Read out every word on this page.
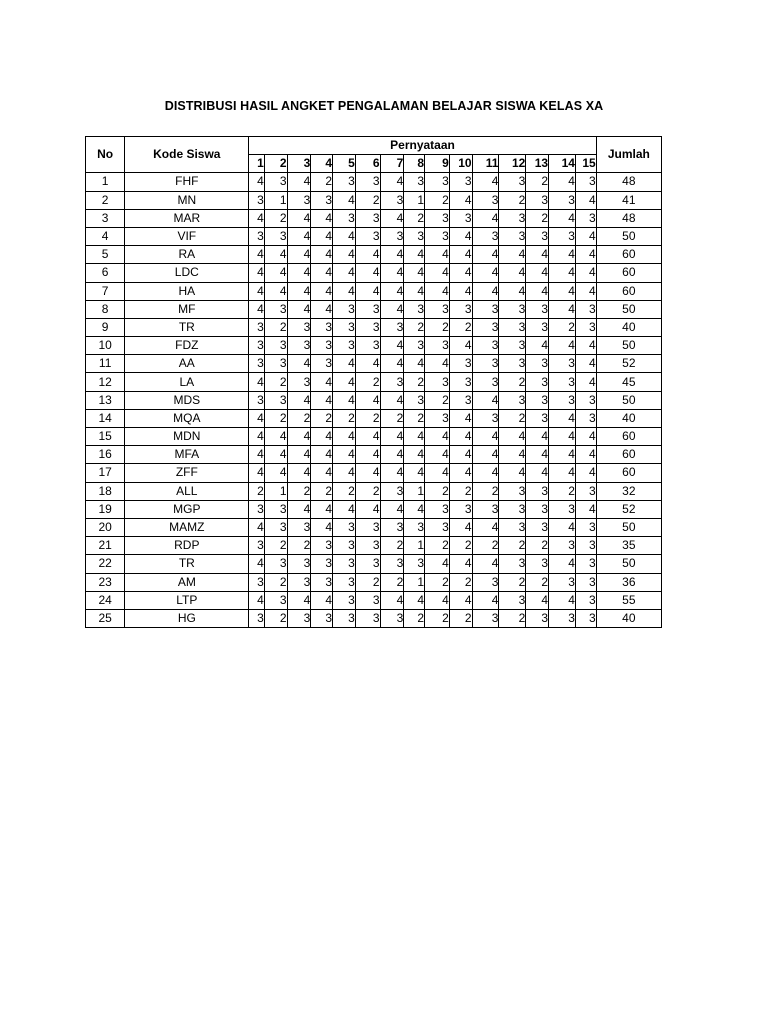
DISTRIBUSI HASIL ANGKET PENGALAMAN BELAJAR SISWA KELAS XA
No	Kode Siswa	Pernyataan															Jumlah
		1	2	3	4	5	6	7	8	9	10	11	12	13	14	15	
1	FHF	4	3	4	2	3	3	4	3	3	3	4	3	2	4	3	48
2	MN	3	1	3	3	4	2	3	1	2	4	3	2	3	3	4	41
3	MAR	4	2	4	4	3	3	4	2	3	3	4	3	2	4	3	48
4	VIF	3	3	4	4	4	3	3	3	3	4	3	3	3	3	4	50
5	RA	4	4	4	4	4	4	4	4	4	4	4	4	4	4	4	60
6	LDC	4	4	4	4	4	4	4	4	4	4	4	4	4	4	4	60
7	HA	4	4	4	4	4	4	4	4	4	4	4	4	4	4	4	60
8	MF	4	3	4	4	3	3	4	3	3	3	3	3	3	4	3	50
9	TR	3	2	3	3	3	3	3	2	2	2	3	3	3	2	3	40
10	FDZ	3	3	3	3	3	3	4	3	3	4	3	3	4	4	4	50
11	AA	3	3	4	3	4	4	4	4	4	3	3	3	3	3	4	52
12	LA	4	2	3	4	4	2	3	2	3	3	3	2	3	3	4	45
13	MDS	3	3	4	4	4	4	4	3	2	3	4	3	3	3	3	50
14	MQA	4	2	2	2	2	2	2	2	3	4	3	2	3	4	3	40
15	MDN	4	4	4	4	4	4	4	4	4	4	4	4	4	4	4	60
16	MFA	4	4	4	4	4	4	4	4	4	4	4	4	4	4	4	60
17	ZFF	4	4	4	4	4	4	4	4	4	4	4	4	4	4	4	60
18	ALL	2	1	2	2	2	2	3	1	2	2	2	3	3	2	3	32
19	MGP	3	3	4	4	4	4	4	4	3	3	3	3	3	3	4	52
20	MAMZ	4	3	3	4	3	3	3	3	3	4	4	3	3	4	3	50
21	RDP	3	2	2	3	3	3	2	1	2	2	2	2	2	3	3	35
22	TR	4	3	3	3	3	3	3	3	4	4	4	3	3	4	3	50
23	AM	3	2	3	3	3	2	2	1	2	2	3	2	2	3	3	36
24	LTP	4	3	4	4	3	3	4	4	4	4	4	3	4	4	3	55
25	HG	3	2	3	3	3	3	3	2	2	2	3	2	3	3	3	40
